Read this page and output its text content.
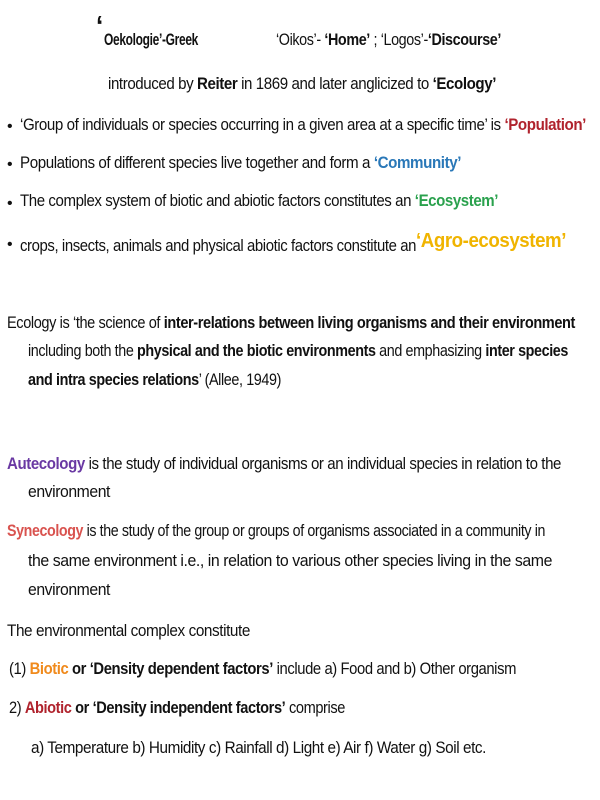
‘ Oekologie’-Greek	‘Oikos’- ‘Home’ ; ‘Logos’-‘Discourse’
introduced by Reiter in 1869 and later anglicized to ‘Ecology’
• ‘Group of individuals or species occurring in a given area at a specific time’ is ‘Population’
• Populations of different species live together and form a ‘Community’
• The complex system of biotic and abiotic factors constitutes an ‘Ecosystem’
• crops, insects, animals and physical abiotic factors constitute an‘Agro-ecosystem’
Ecology is ‘the science of inter-relations between living organisms and their environment
including both the physical and the biotic environments and emphasizing inter species
and intra species relations’ (Allee, 1949)
Autecology is the study of individual organisms or an individual species in relation to the
environment
Synecology is the study of the group or groups of organisms associated in a community in
the same environment i.e., in relation to various other species living in the same
environment
The environmental complex constitute
(1) Biotic or ‘Density dependent factors’ include a) Food and b) Other organism
2) Abiotic or ‘Density independent factors’ comprise
a) Temperature b) Humidity c) Rainfall d) Light e) Air f) Water g) Soil etc.
